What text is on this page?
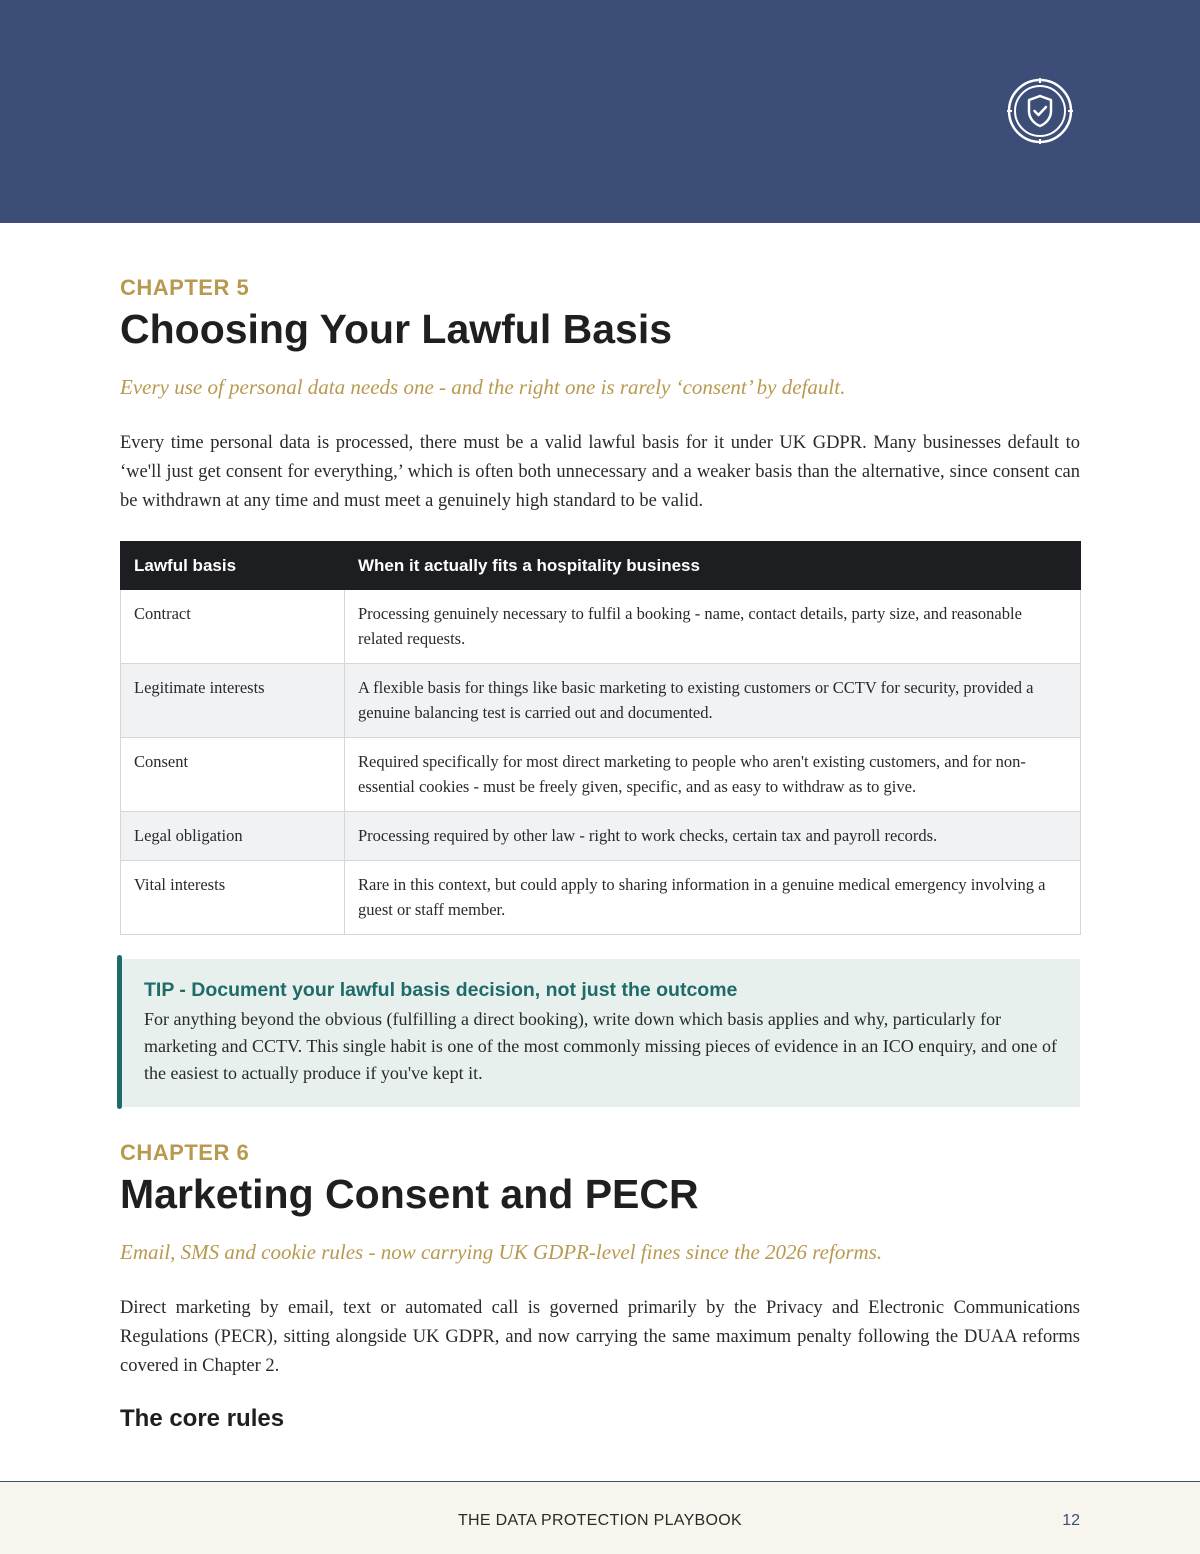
CHAPTER 5
Choosing Your Lawful Basis
Every use of personal data needs one - and the right one is rarely ‘consent’ by default.

Every time personal data is processed, there must be a valid lawful basis for it under UK GDPR. Many businesses default to ‘we'll just get consent for everything,’ which is often both unnecessary and a weaker basis than the alternative, since consent can be withdrawn at any time and must meet a genuinely high standard to be valid.

Lawful basis	When it actually fits a hospitality business
Contract	Processing genuinely necessary to fulfil a booking - name, contact details, party size, and reasonable related requests.
Legitimate interests	A flexible basis for things like basic marketing to existing customers or CCTV for security, provided a genuine balancing test is carried out and documented.
Consent	Required specifically for most direct marketing to people who aren't existing customers, and for non-essential cookies - must be freely given, specific, and as easy to withdraw as to give.
Legal obligation	Processing required by other law - right to work checks, certain tax and payroll records.
Vital interests	Rare in this context, but could apply to sharing information in a genuine medical emergency involving a guest or staff member.
TIP - Document your lawful basis decision, not just the outcome

For anything beyond the obvious (fulfilling a direct booking), write down which basis applies and why, particularly for marketing and CCTV. This single habit is one of the most commonly missing pieces of evidence in an ICO enquiry, and one of the easiest to actually produce if you've kept it.

CHAPTER 6
Marketing Consent and PECR
Email, SMS and cookie rules - now carrying UK GDPR-level fines since the 2026 reforms.

Direct marketing by email, text or automated call is governed primarily by the Privacy and Electronic Communications Regulations (PECR), sitting alongside UK GDPR, and now carrying the same maximum penalty following the DUAA reforms covered in Chapter 2.

The core rules
THE DATA PROTECTION PLAYBOOK	12
